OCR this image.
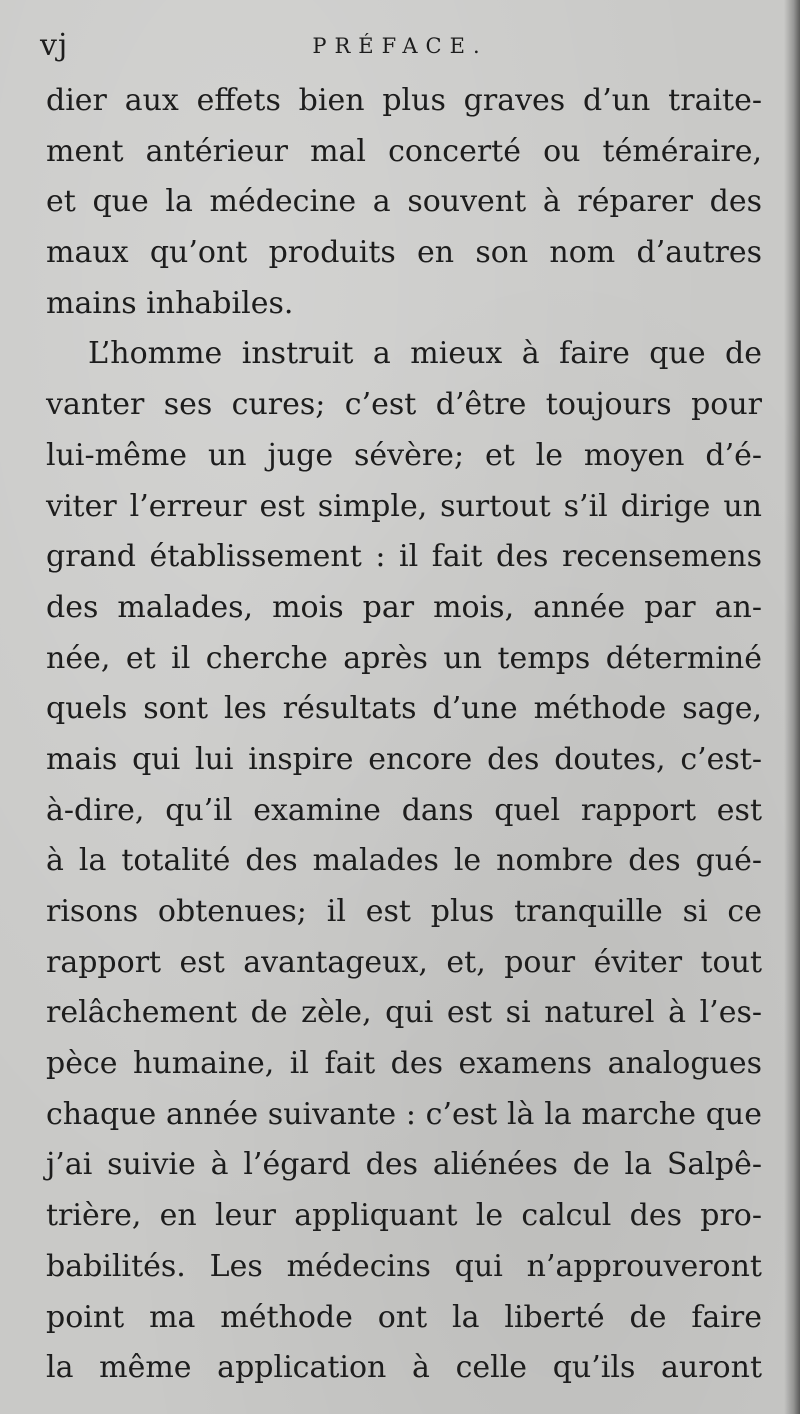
vj	PRÉFACE.
dier aux effets bien plus graves d’un traite-
ment antérieur mal concerté ou téméraire,
et que la médecine a souvent à réparer des
maux qu’ont produits en son nom d’autres
mains inhabiles.
L’homme instruit a mieux à faire que de
vanter ses cures; c’est d’être toujours pour
lui-même un juge sévère; et le moyen d’é-
viter l’erreur est simple, surtout s’il dirige un
grand établissement : il fait des recensemens
des malades, mois par mois, année par an-
née, et il cherche après un temps déterminé
quels sont les résultats d’une méthode sage,
mais qui lui inspire encore des doutes, c’est-
à-dire, qu’il examine dans quel rapport est
à la totalité des malades le nombre des gué-
risons obtenues; il est plus tranquille si ce
rapport est avantageux, et, pour éviter tout
relâchement de zèle, qui est si naturel à l’es-
pèce humaine, il fait des examens analogues
chaque année suivante : c’est là la marche que
j’ai suivie à l’égard des aliénées de la Salpê-
trière, en leur appliquant le calcul des pro-
babilités. Les médecins qui n’approuveront
point ma méthode ont la liberté de faire
la même application à celle qu’ils auront
